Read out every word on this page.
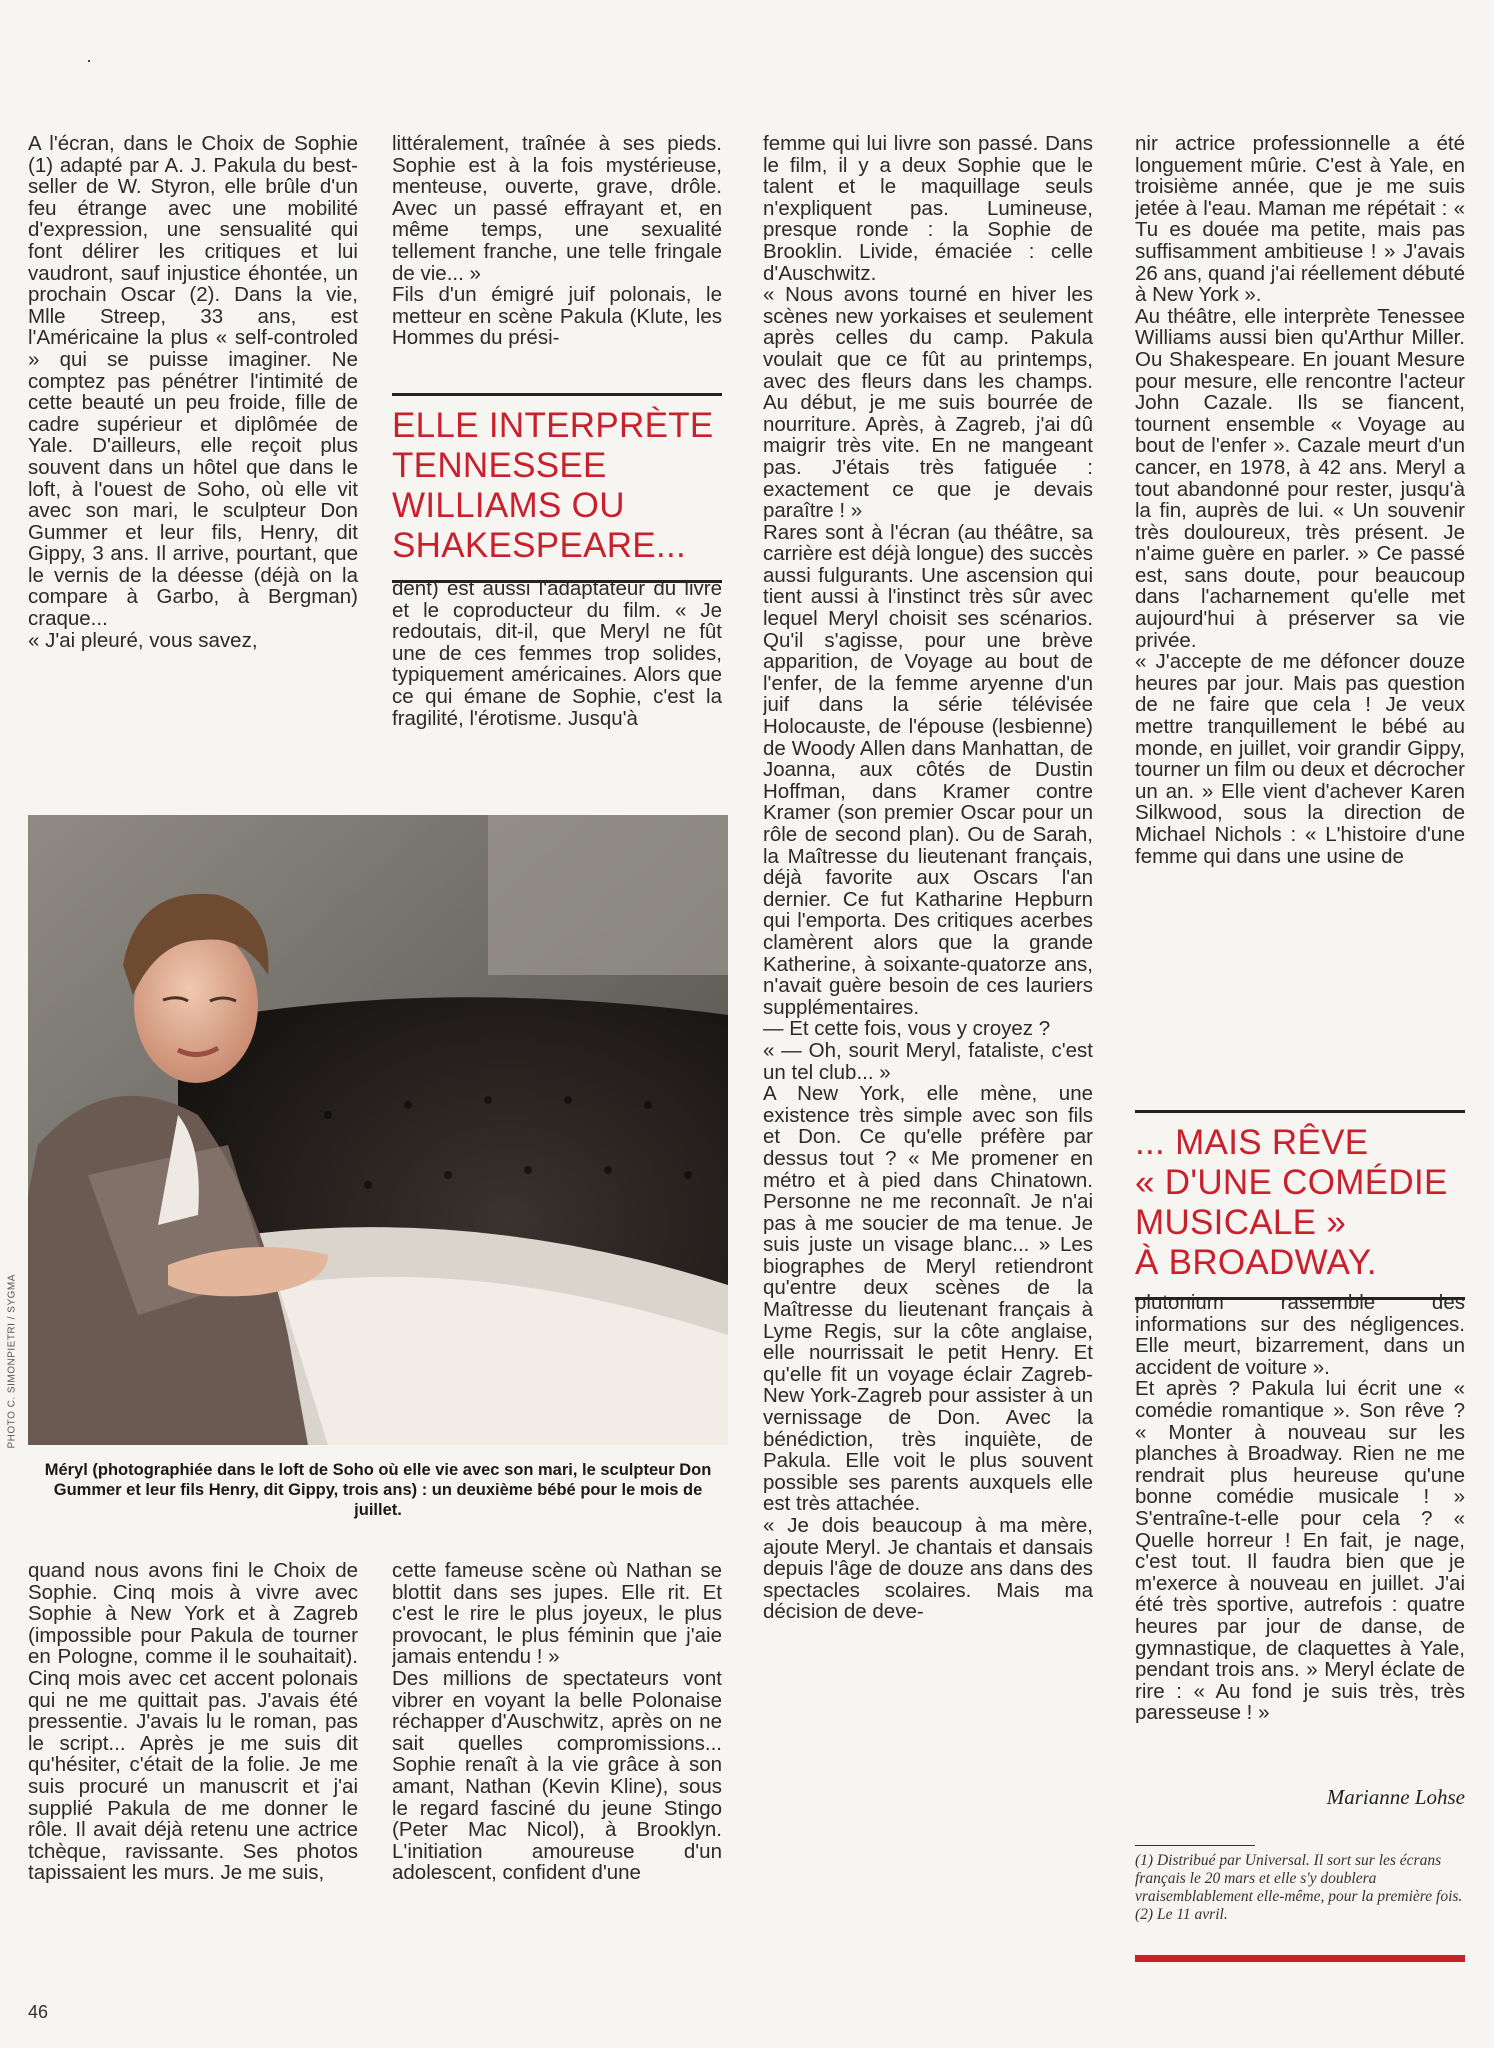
A l'écran, dans le Choix de Sophie (1) adapté par A. J. Pakula du best-seller de W. Styron, elle brûle d'un feu étrange avec une mobilité d'expression, une sensualité qui font délirer les critiques et lui vaudront, sauf injustice éhontée, un prochain Oscar (2). Dans la vie, Mlle Streep, 33 ans, est l'Américaine la plus « self-controled » qui se puisse imaginer. Ne comptez pas pénétrer l'intimité de cette beauté un peu froide, fille de cadre supérieur et diplômée de Yale. D'ailleurs, elle reçoit plus souvent dans un hôtel que dans le loft, à l'ouest de Soho, où elle vit avec son mari, le sculpteur Don Gummer et leur fils, Henry, dit Gippy, 3 ans. Il arrive, pourtant, que le vernis de la déesse (déjà on la compare à Garbo, à Bergman) craque...
« J'ai pleuré, vous savez,
littéralement, traînée à ses pieds. Sophie est à la fois mystérieuse, menteuse, ouverte, grave, drôle. Avec un passé effrayant et, en même temps, une sexualité tellement franche, une telle fringale de vie... »
Fils d'un émigré juif polonais, le metteur en scène Pakula (Klute, les Hommes du prési-
ELLE INTERPRÈTE
TENNESSEE
WILLIAMS OU
SHAKESPEARE...
dent) est aussi l'adaptateur du livre et le coproducteur du film. « Je redoutais, dit-il, que Meryl ne fût une de ces femmes trop solides, typiquement américaines. Alors que ce qui émane de Sophie, c'est la fragilité, l'érotisme. Jusqu'à
femme qui lui livre son passé. Dans le film, il y a deux Sophie que le talent et le maquillage seuls n'expliquent pas. Lumineuse, presque ronde : la Sophie de Brooklin. Livide, émaciée : celle d'Auschwitz.
« Nous avons tourné en hiver les scènes new yorkaises et seulement après celles du camp. Pakula voulait que ce fût au printemps, avec des fleurs dans les champs. Au début, je me suis bourrée de nourriture. Après, à Zagreb, j'ai dû maigrir très vite. En ne mangeant pas. J'étais très fatiguée : exactement ce que je devais paraître ! »
Rares sont à l'écran (au théâtre, sa carrière est déjà longue) des succès aussi fulgurants. Une ascension qui tient aussi à l'instinct très sûr avec lequel Meryl choisit ses scénarios. Qu'il s'agisse, pour une brève apparition, de Voyage au bout de l'enfer, de la femme aryenne d'un juif dans la série télévisée Holocauste, de l'épouse (lesbienne) de Woody Allen dans Manhattan, de Joanna, aux côtés de Dustin Hoffman, dans Kramer contre Kramer (son premier Oscar pour un rôle de second plan). Ou de Sarah, la Maîtresse du lieutenant français, déjà favorite aux Oscars l'an dernier. Ce fut Katharine Hepburn qui l'emporta. Des critiques acerbes clamèrent alors que la grande Katherine, à soixante-quatorze ans, n'avait guère besoin de ces lauriers supplémentaires.
— Et cette fois, vous y croyez ?
« — Oh, sourit Meryl, fataliste, c'est un tel club... »
A New York, elle mène, une existence très simple avec son fils et Don. Ce qu'elle préfère par dessus tout ? « Me promener en métro et à pied dans Chinatown. Personne ne me reconnaît. Je n'ai pas à me soucier de ma tenue. Je suis juste un visage blanc... » Les biographes de Meryl retiendront qu'entre deux scènes de la Maîtresse du lieutenant français à Lyme Regis, sur la côte anglaise, elle nourrissait le petit Henry. Et qu'elle fit un voyage éclair Zagreb-New York-Zagreb pour assister à un vernissage de Don. Avec la bénédiction, très inquiète, de Pakula. Elle voit le plus souvent possible ses parents auxquels elle est très attachée.
« Je dois beaucoup à ma mère, ajoute Meryl. Je chantais et dansais depuis l'âge de douze ans dans des spectacles scolaires. Mais ma décision de deve-
nir actrice professionnelle a été longuement mûrie. C'est à Yale, en troisième année, que je me suis jetée à l'eau. Maman me répétait : « Tu es douée ma petite, mais pas suffisamment ambitieuse ! » J'avais 26 ans, quand j'ai réellement débuté à New York ».
Au théâtre, elle interprète Tenessee Williams aussi bien qu'Arthur Miller. Ou Shakespeare. En jouant Mesure pour mesure, elle rencontre l'acteur John Cazale. Ils se fiancent, tournent ensemble « Voyage au bout de l'enfer ». Cazale meurt d'un cancer, en 1978, à 42 ans. Meryl a tout abandonné pour rester, jusqu'à la fin, auprès de lui. « Un souvenir très douloureux, très présent. Je n'aime guère en parler. » Ce passé est, sans doute, pour beaucoup dans l'acharnement qu'elle met aujourd'hui à préserver sa vie privée.
« J'accepte de me défoncer douze heures par jour. Mais pas question de ne faire que cela ! Je veux mettre tranquillement le bébé au monde, en juillet, voir grandir Gippy, tourner un film ou deux et décrocher un an. » Elle vient d'achever Karen Silkwood, sous la direction de Michael Nichols : « L'histoire d'une femme qui dans une usine de
... MAIS RÊVE
« D'UNE COMÉDIE
MUSICALE »
À BROADWAY.
plutonium rassemble des informations sur des négligences. Elle meurt, bizarrement, dans un accident de voiture ».
Et après ? Pakula lui écrit une « comédie romantique ». Son rêve ? « Monter à nouveau sur les planches à Broadway. Rien ne me rendrait plus heureuse qu'une bonne comédie musicale ! » S'entraîne-t-elle pour cela ? « Quelle horreur ! En fait, je nage, c'est tout. Il faudra bien que je m'exerce à nouveau en juillet. J'ai été très sportive, autrefois : quatre heures par jour de danse, de gymnastique, de claquettes à Yale, pendant trois ans. » Meryl éclate de rire : « Au fond je suis très, très paresseuse ! »
PHOTO C. SIMONPIETRI / SYGMA
Méryl (photographiée dans le loft de Soho où elle vie avec son mari, le sculpteur Don Gummer et leur fils Henry, dit Gippy, trois ans) : un deuxième bébé pour le mois de juillet.
quand nous avons fini le Choix de Sophie. Cinq mois à vivre avec Sophie à New York et à Zagreb (impossible pour Pakula de tourner en Pologne, comme il le souhaitait). Cinq mois avec cet accent polonais qui ne me quittait pas. J'avais été pressentie. J'avais lu le roman, pas le script... Après je me suis dit qu'hésiter, c'était de la folie. Je me suis procuré un manuscrit et j'ai supplié Pakula de me donner le rôle. Il avait déjà retenu une actrice tchèque, ravissante. Ses photos tapissaient les murs. Je me suis,
cette fameuse scène où Nathan se blottit dans ses jupes. Elle rit. Et c'est le rire le plus joyeux, le plus provocant, le plus féminin que j'aie jamais entendu ! »
Des millions de spectateurs vont vibrer en voyant la belle Polonaise réchapper d'Auschwitz, après on ne sait quelles compromissions... Sophie renaît à la vie grâce à son amant, Nathan (Kevin Kline), sous le regard fasciné du jeune Stingo (Peter Mac Nicol), à Brooklyn. L'initiation amoureuse d'un adolescent, confident d'une
Marianne Lohse
(1) Distribué par Universal. Il sort sur les écrans français le 20 mars et elle s'y doublera vraisemblablement elle-même, pour la première fois.
(2) Le 11 avril.
46
